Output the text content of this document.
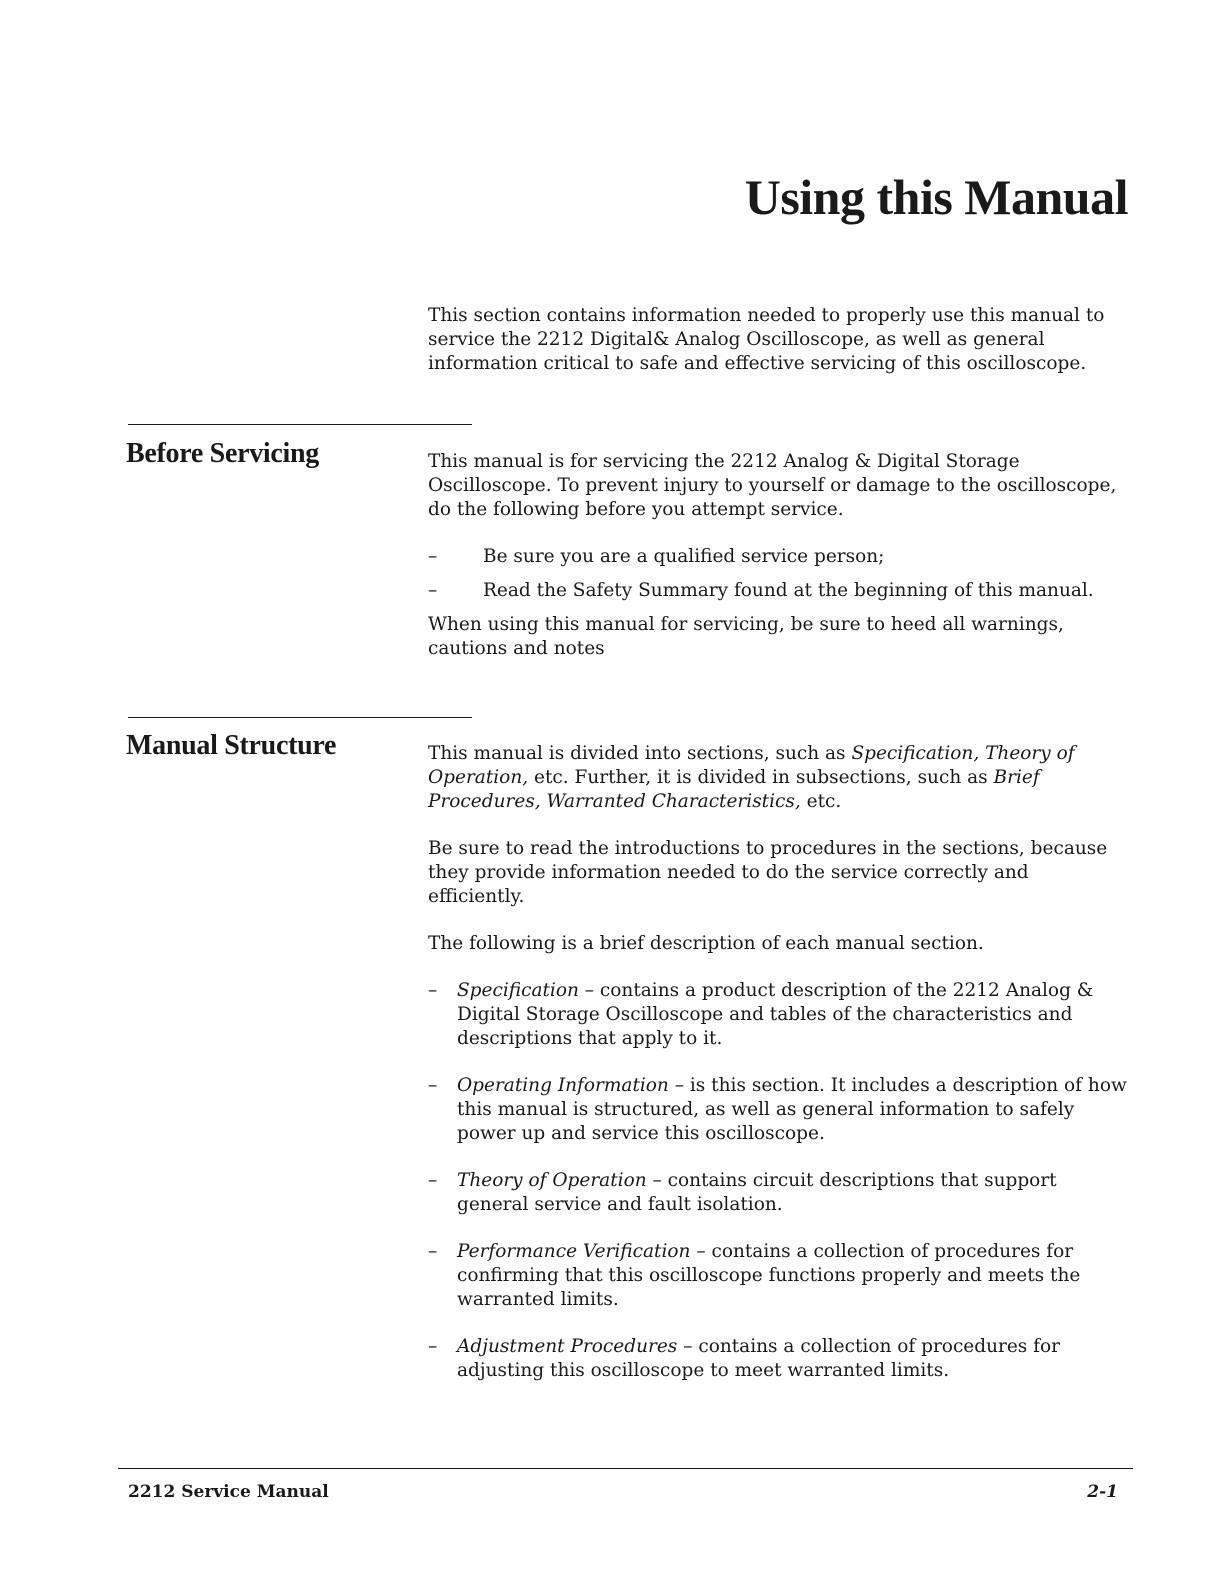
Using this Manual

This section contains information needed to properly use this manual to service the 2212 Digital& Analog Oscilloscope, as well as general information critical to safe and effective servicing of this oscilloscope.

Before Servicing	This manual is for servicing the 2212 Analog & Digital Storage Oscilloscope. To prevent injury to yourself or damage to the oscilloscope, do the following before you attempt service.

– Be sure you are a qualified service person;
– Read the Safety Summary found at the beginning of this manual.

When using this manual for servicing, be sure to heed all warnings, cautions and notes

Manual Structure	This manual is divided into sections, such as Specification, Theory of Operation, etc. Further, it is divided in subsections, such as Brief Procedures, Warranted Characteristics, etc.

Be sure to read the introductions to procedures in the sections, because they provide information needed to do the service correctly and efficiently.

The following is a brief description of each manual section.

– Specification – contains a product description of the 2212 Analog & Digital Storage Oscilloscope and tables of the characteristics and descriptions that apply to it.
– Operating Information – is this section. It includes a description of how this manual is structured, as well as general information to safely power up and service this oscilloscope.
– Theory of Operation – contains circuit descriptions that support general service and fault isolation.
– Performance Verification – contains a collection of procedures for confirming that this oscilloscope functions properly and meets the warranted limits.
– Adjustment Procedures – contains a collection of procedures for adjusting this oscilloscope to meet warranted limits.
2212 Service Manual	2-1
